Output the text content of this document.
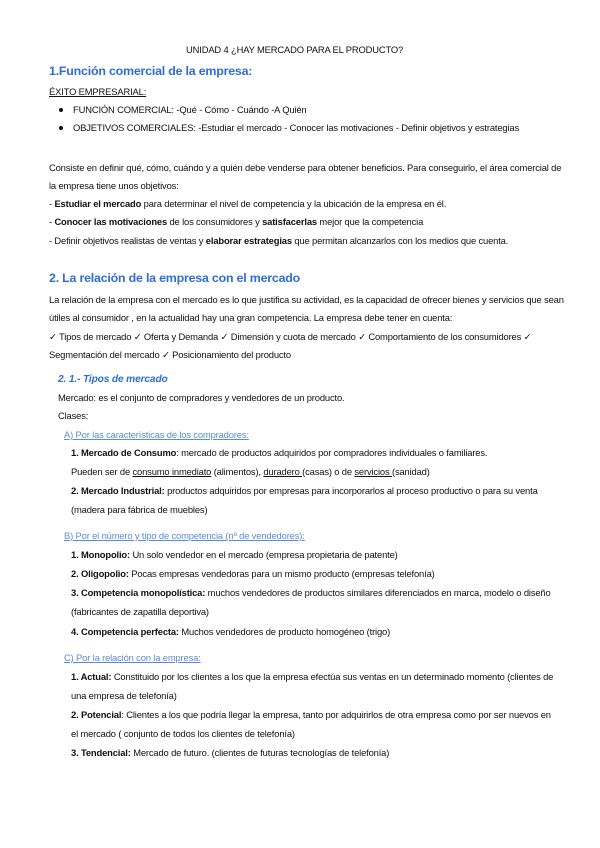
UNIDAD 4 ¿HAY MERCADO PARA EL PRODUCTO?
1.Función comercial de la empresa:
ÉXITO EMPRESARIAL:
FUNCIÓN COMERCIAL: -Qué - Cómo - Cuándo -A Quién
OBJETIVOS COMERCIALES: -Estudiar el mercado - Conocer las motivaciones - Definir objetivos y estrategias
Consiste en definir qué, cómo, cuándo y a quién debe venderse para obtener beneficios. Para conseguirlo, el área comercial de
la empresa tiene unos objetivos:
- Estudiar el mercado para determinar el nivel de competencia y la ubicación de la empresa en él.
- Conocer las motivaciones de los consumidores y satisfacerlas mejor que la competencia
- Definir objetivos realistas de ventas y elaborar estrategias que permitan alcanzarlos con los medios que cuenta.
2. La relación de la empresa con el mercado
La relación de la empresa con el mercado es lo que justifica su actividad, es la capacidad de ofrecer bienes y servicios que sean
útiles al consumidor , en la actualidad hay una gran competencia. La empresa debe tener en cuenta:
✓ Tipos de mercado ✓ Oferta y Demanda ✓ Dimensión y cuota de mercado ✓ Comportamiento de los consumidores ✓
Segmentación del mercado ✓ Posicionamiento del producto
2. 1.- Tipos de mercado
Mercado: es el conjunto de compradores y vendedores de un producto.
Clases:
A) Por las características de los compradores:
1. Mercado de Consumo: mercado de productos adquiridos por compradores individuales o familiares.
Pueden ser de consumo inmediato (alimentos), duradero (casas) o de servicios (sanidad)
2. Mercado Industrial: productos adquiridos por empresas para incorporarlos al proceso productivo o para su venta
(madera para fábrica de muebles)
B) Por el número y tipo de competencia (nº de vendedores):
1. Monopolio: Un solo vendedor en el mercado (empresa propietaria de patente)
2. Oligopolio: Pocas empresas vendedoras para un mismo producto (empresas telefonía)
3. Competencia monopolística: muchos vendedores de productos similares diferenciados en marca, modelo o diseño
(fabricantes de zapatilla deportiva)
4. Competencia perfecta: Muchos vendedores de producto homogéneo (trigo)
C) Por la relación con la empresa:
1. Actual: Constituido por los clientes a los que la empresa efectúa sus ventas en un determinado momento (clientes de
una empresa de telefonía)
2. Potencial: Clientes a los que podría llegar la empresa, tanto por adquirirlos de otra empresa como por ser nuevos en
el mercado ( conjunto de todos los clientes de telefonía)
3. Tendencial: Mercado de futuro. (clientes de futuras tecnologías de telefonía)
